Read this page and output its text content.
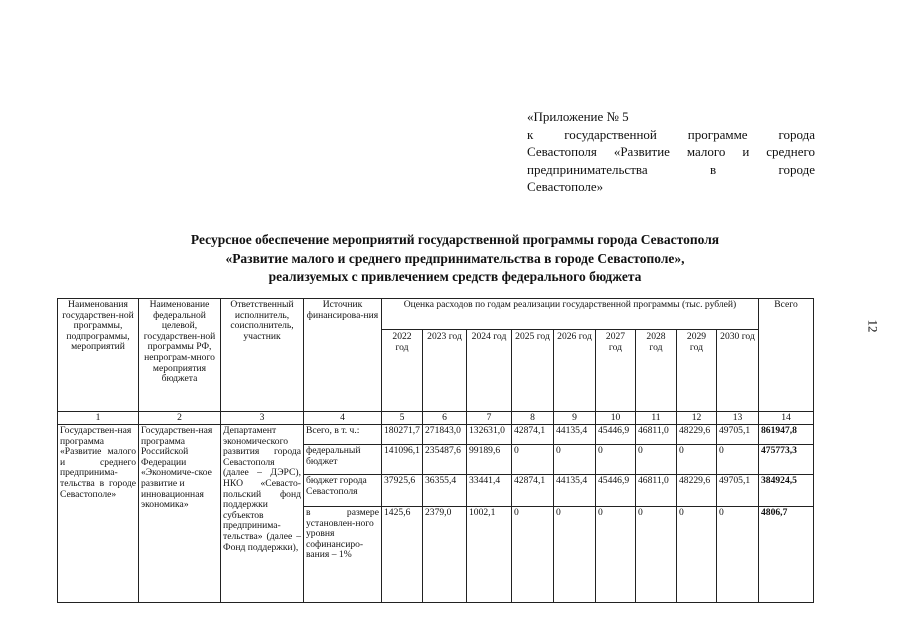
«Приложение № 5
к государственной программе города
Севастополя «Развитие малого и среднего
предпринимательства в городе
Севастополе»
Ресурсное обеспечение мероприятий государственной программы города Севастополя
«Развитие малого и среднего предпринимательства в городе Севастополе»,
реализуемых с привлечением средств федерального бюджета
12
Наименования государствен-ной программы, подпрограммы, мероприятий	Наименование федеральной целевой, государствен-ной программы РФ, непрограм-много мероприятия бюджета	Ответственный исполнитель, соисполнитель, участник	Источник финансирова-ния	Оценка расходов по годам реализации государственной программы (тыс. рублей)									Всего
				2022 год	2023 год	2024 год	2025 год	2026 год	2027 год	2028 год	2029 год	2030 год	
1	2	3	4	5	6	7	8	9	10	11	12	13	14
Государствен-ная программа «Развитие малого и среднего предпринима-тельства в городе Севастополе»	Государствен-ная программа Российской Федерации «Экономиче-ское развитие и инновационная экономика»	Департамент экономического развития города Севастополя (далее – ДЭРС), НКО «Севасто-польский фонд поддержки субъектов предпринима-тельства» (далее – Фонд поддержки),	Всего, в т. ч.:	180271,7	271843,0	132631,0	42874,1	44135,4	45446,9	46811,0	48229,6	49705,1	861947,8
			федеральный бюджет	141096,1	235487,6	99189,6	0	0	0	0	0	0	475773,3
			бюджет города Севастополя	37925,6	36355,4	33441,4	42874,1	44135,4	45446,9	46811,0	48229,6	49705,1	384924,5
			в размере установлен-ного уровня софинансиро-вания – 1%	1425,6	2379,0	1002,1	0	0	0	0	0	0	4806,7
